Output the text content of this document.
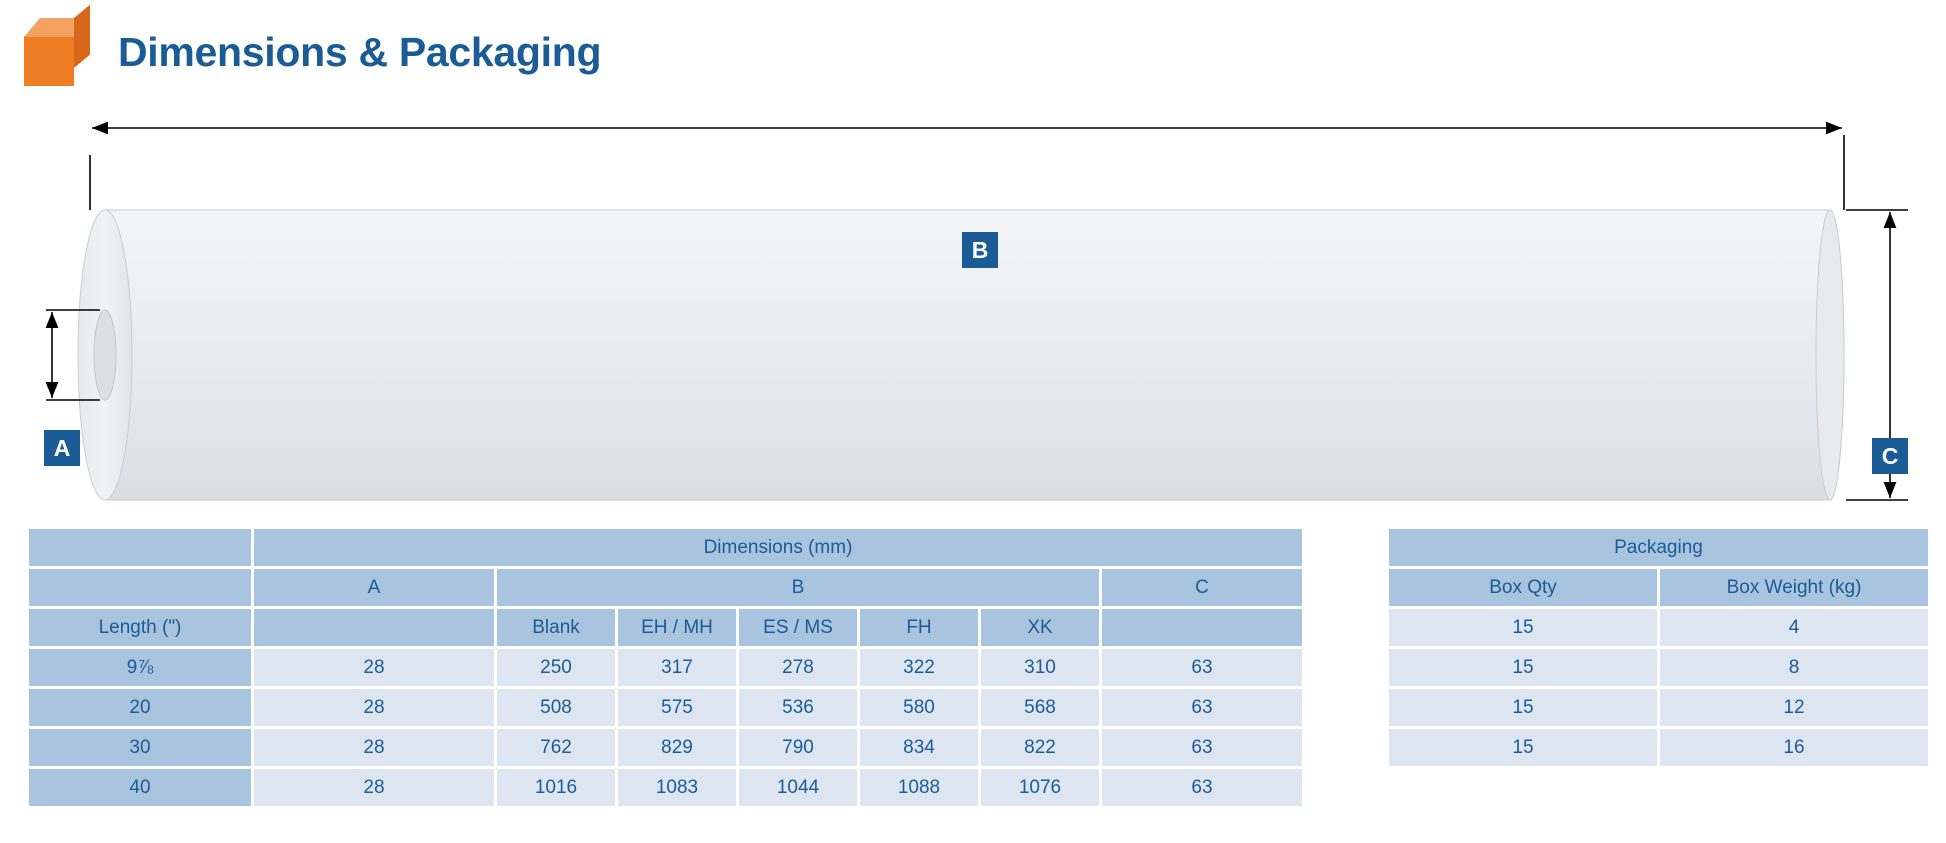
Dimensions & Packaging
B
A	C
	Dimensions (mm)						
	A	B					C
Length (")		Blank	EH / MH	ES / MS	FH	XK	
9⅞	28	250	317	278	322	310	63
20	28	508	575	536	580	568	63
30	28	762	829	790	834	822	63
40	28	1016	1083	1044	1088	1076	63
Packaging	
Box Qty	Box Weight (kg)
15	4
15	8
15	12
15	16
